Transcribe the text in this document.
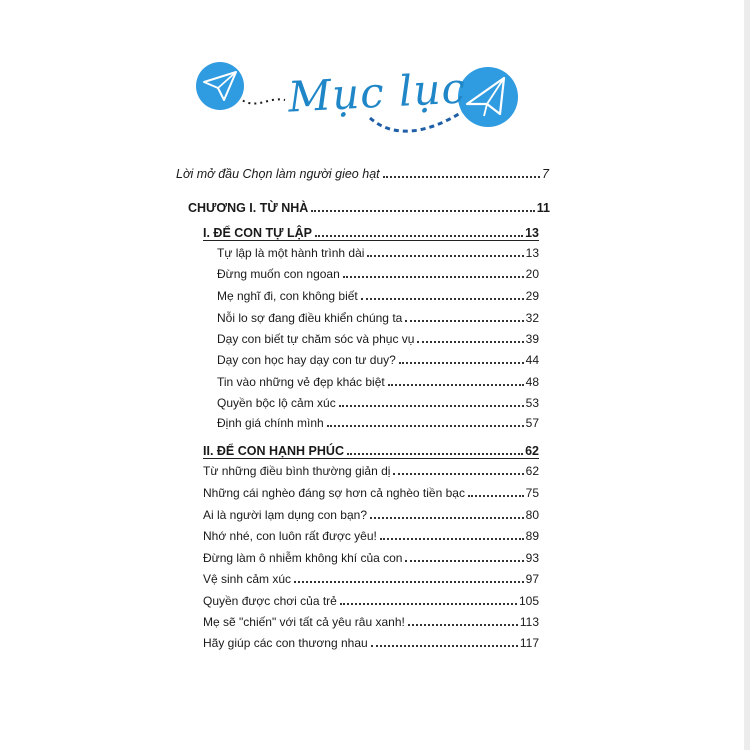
Mục lục
Lời mở đầu Chọn làm người gieo hạt	7
CHƯƠNG I. TỪ NHÀ	11
I. ĐỂ CON TỰ LẬP	13
Tự lập là một hành trình dài	13
Đừng muốn con ngoan	20
Mẹ nghĩ đi, con không biết	29
Nỗi lo sợ đang điều khiển chúng ta	32
Dạy con biết tự chăm sóc và phục vụ	39
Dạy con học hay dạy con tư duy?	44
Tin vào những vẻ đẹp khác biệt	48
Quyền bộc lộ cảm xúc	53
Định giá chính mình	57
II. ĐỂ CON HẠNH PHÚC	62
Từ những điều bình thường giản dị	62
Những cái nghèo đáng sợ hơn cả nghèo tiền bạc	75
Ai là người lạm dụng con bạn?	80
Nhớ nhé, con luôn rất được yêu!	89
Đừng làm ô nhiễm không khí của con	93
Vệ sinh cảm xúc	97
Quyền được chơi của trẻ	105
Mẹ sẽ "chiến" với tất cả yêu râu xanh!	113
Hãy giúp các con thương nhau	117
